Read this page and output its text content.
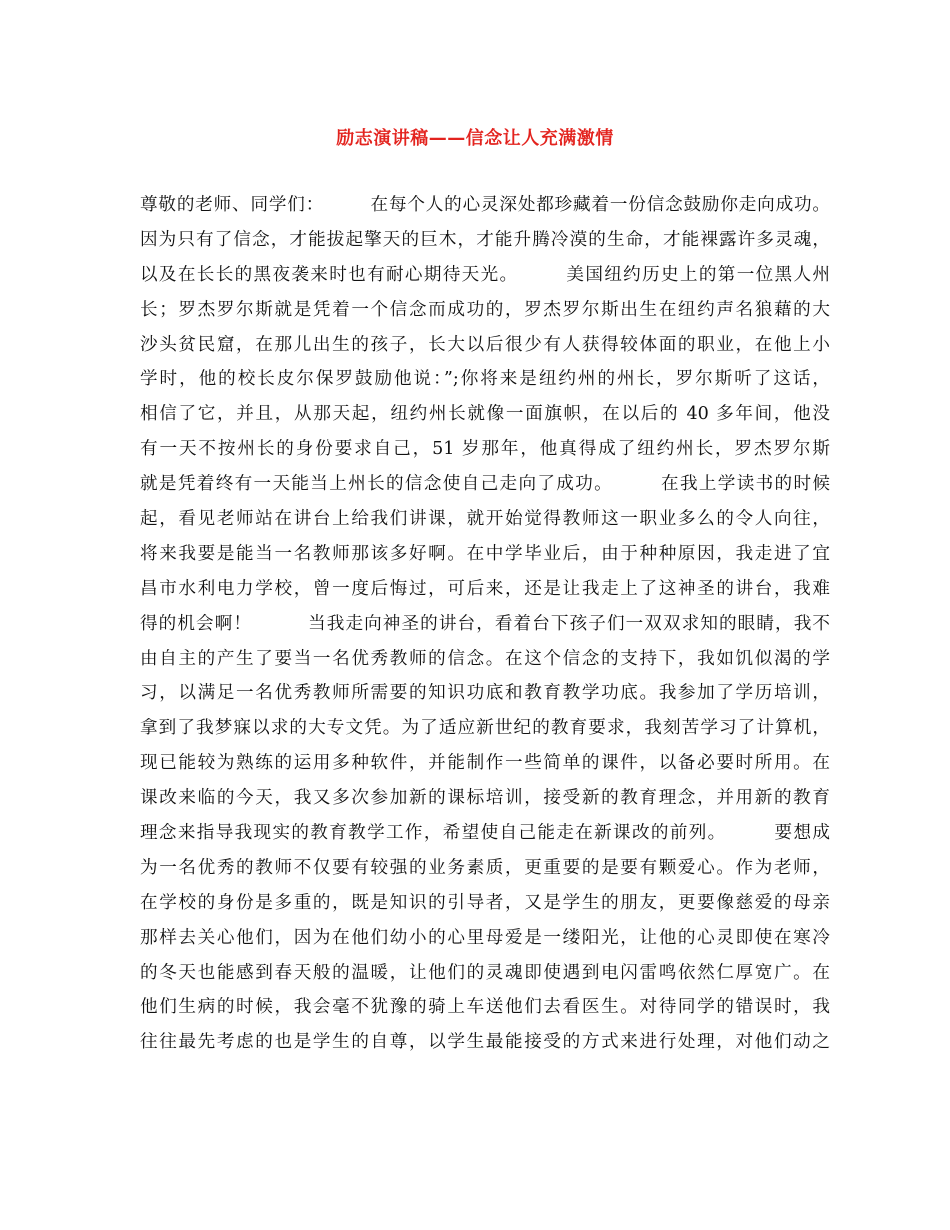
励志演讲稿——信念让人充满激情
尊敬的老师、同学们：　　　在每个人的心灵深处都珍藏着一份信念鼓励你走向成功。
因为只有了信念，才能拔起擎天的巨木，才能升腾冷漠的生命，才能裸露许多灵魂，
以及在长长的黑夜袭来时也有耐心期待天光。　　　美国纽约历史上的第一位黑人州
长；罗杰罗尔斯就是凭着一个信念而成功的，罗杰罗尔斯出生在纽约声名狼藉的大
沙头贫民窟，在那儿出生的孩子，长大以后很少有人获得较体面的职业，在他上小
学时，他的校长皮尔保罗鼓励他说：”;你将来是纽约州的州长，罗尔斯听了这话，
相信了它，并且，从那天起，纽约州长就像一面旗帜，在以后的 40 多年间，他没
有一天不按州长的身份要求自己，51 岁那年，他真得成了纽约州长，罗杰罗尔斯
就是凭着终有一天能当上州长的信念使自己走向了成功。　　　在我上学读书的时候
起，看见老师站在讲台上给我们讲课，就开始觉得教师这一职业多么的令人向往，
将来我要是能当一名教师那该多好啊。在中学毕业后，由于种种原因，我走进了宜
昌市水利电力学校，曾一度后悔过，可后来，还是让我走上了这神圣的讲台，我难
得的机会啊！　　　当我走向神圣的讲台，看着台下孩子们一双双求知的眼睛，我不
由自主的产生了要当一名优秀教师的信念。在这个信念的支持下，我如饥似渴的学
习，以满足一名优秀教师所需要的知识功底和教育教学功底。我参加了学历培训，
拿到了我梦寐以求的大专文凭。为了适应新世纪的教育要求，我刻苦学习了计算机，
现已能较为熟练的运用多种软件，并能制作一些简单的课件，以备必要时所用。在
课改来临的今天，我又多次参加新的课标培训，接受新的教育理念，并用新的教育
理念来指导我现实的教育教学工作，希望使自己能走在新课改的前列。　　　要想成
为一名优秀的教师不仅要有较强的业务素质，更重要的是要有颗爱心。作为老师，
在学校的身份是多重的，既是知识的引导者，又是学生的朋友，更要像慈爱的母亲
那样去关心他们，因为在他们幼小的心里母爱是一缕阳光，让他的心灵即使在寒冷
的冬天也能感到春天般的温暖，让他们的灵魂即使遇到电闪雷鸣依然仁厚宽广。在
他们生病的时候，我会毫不犹豫的骑上车送他们去看医生。对待同学的错误时，我
往往最先考虑的也是学生的自尊，以学生最能接受的方式来进行处理，对他们动之
